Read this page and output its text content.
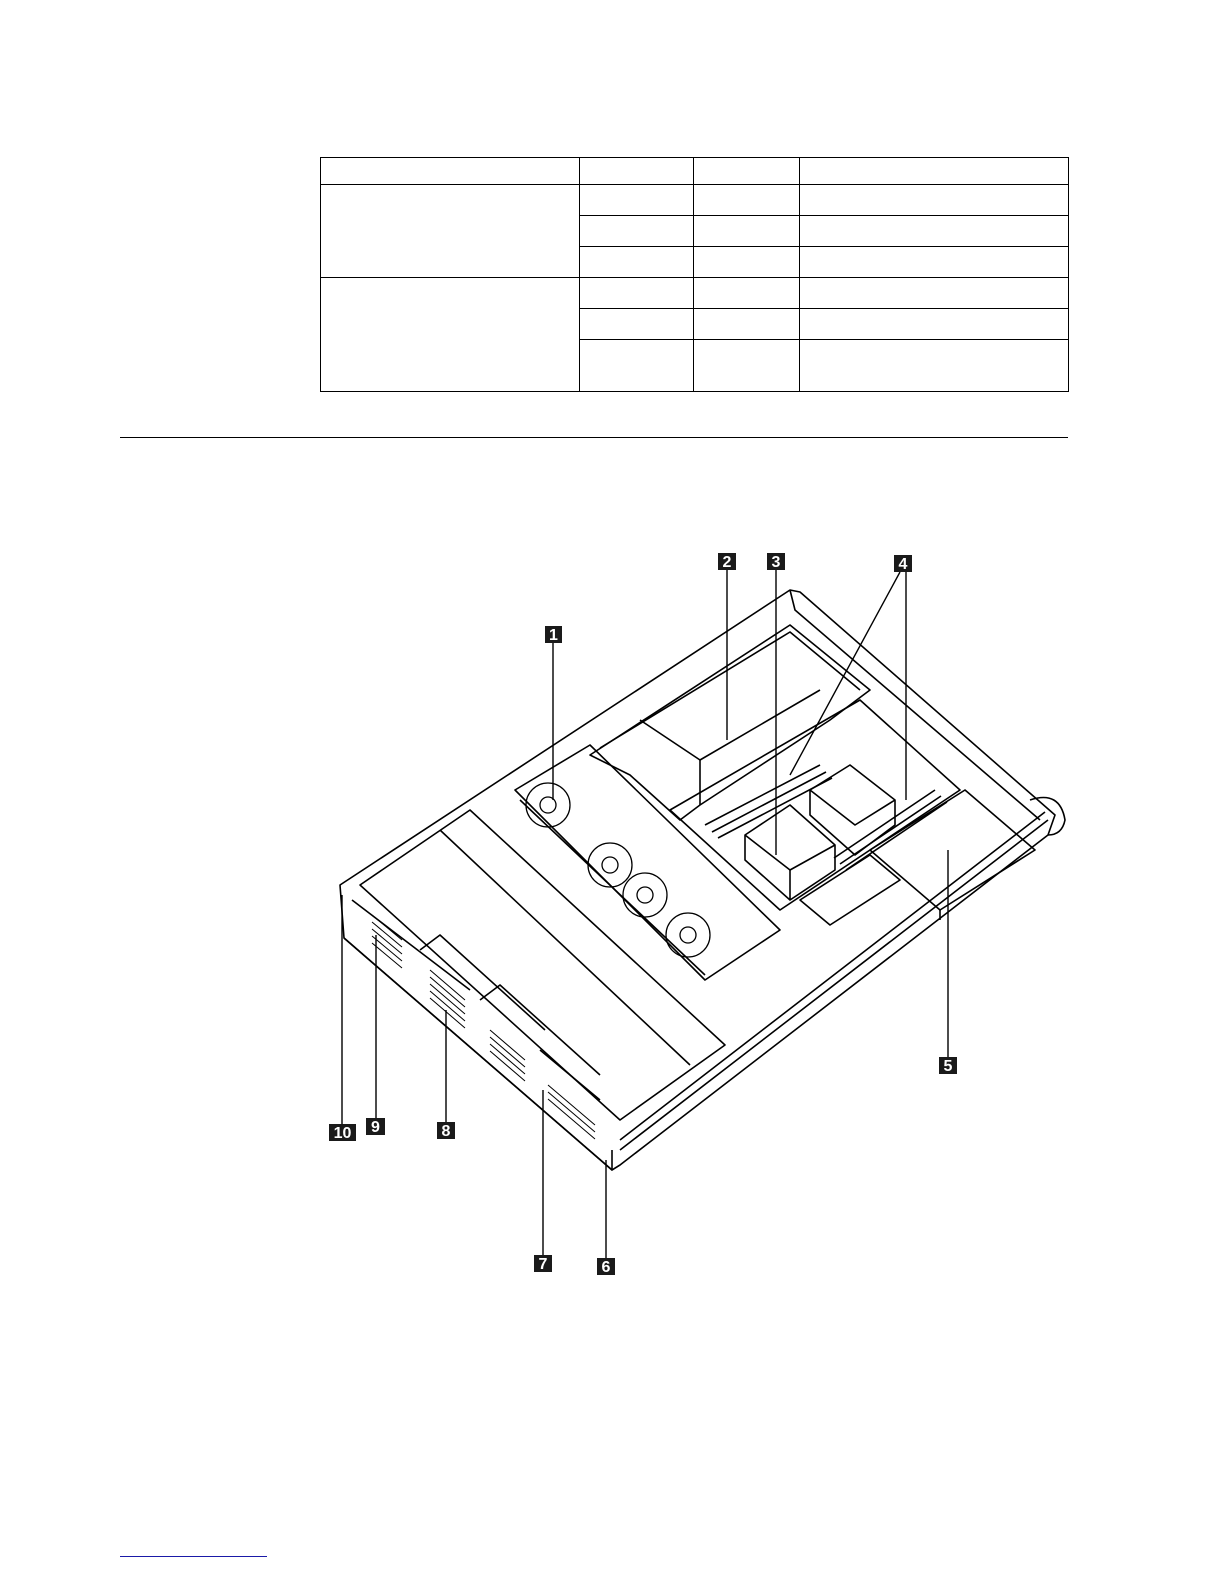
1
2	3	4
5
6
7
8
9
10
